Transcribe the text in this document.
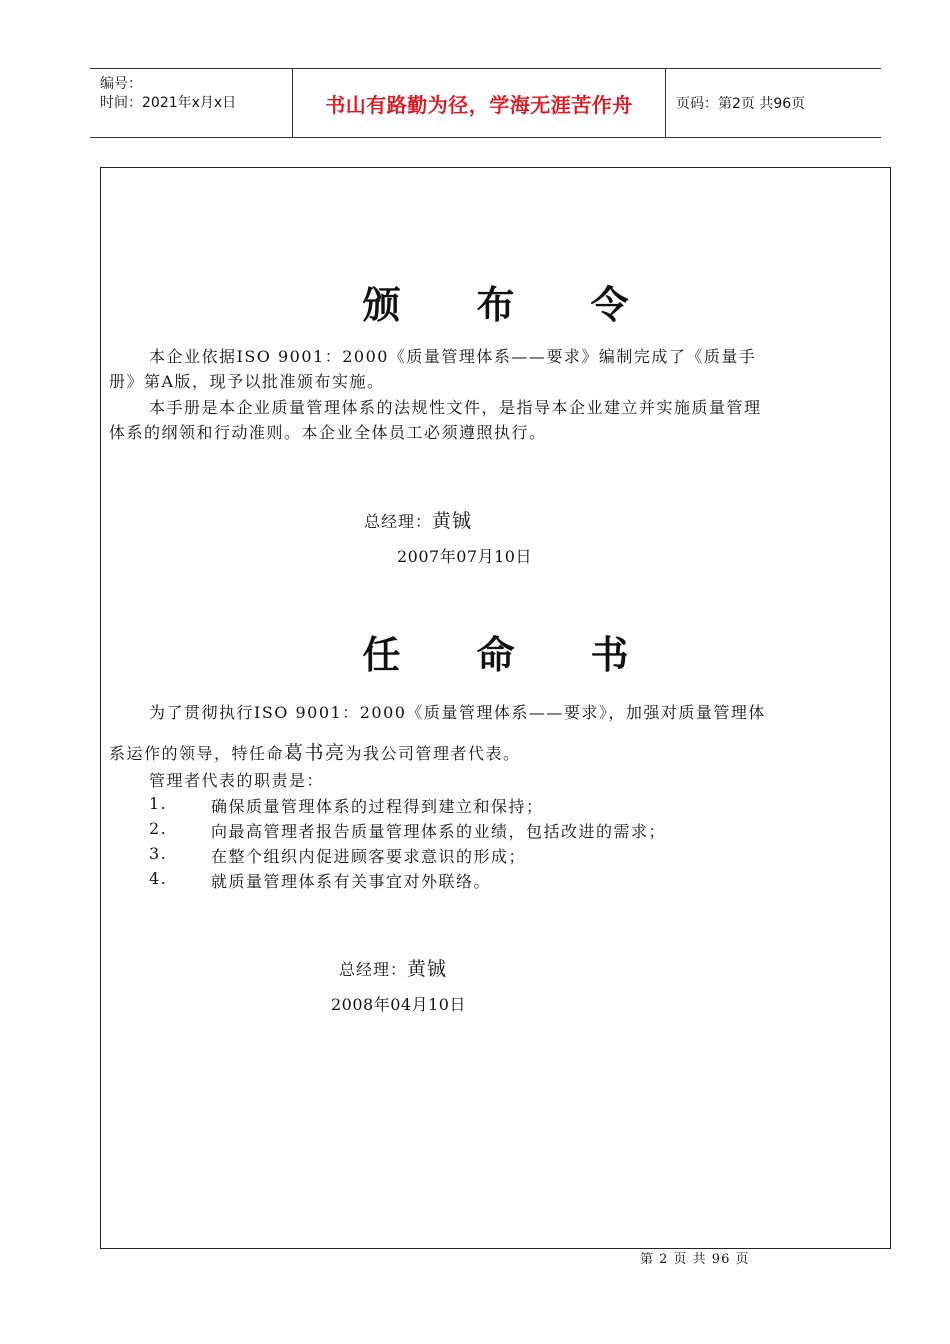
编号：
时间：2021年x月x日	书山有路勤为径，学海无涯苦作舟	页码：第2页 共96页
颁 布 令
本企业依据ISO 9001：2000《质量管理体系——要求》编制完成了《质量手
册》第A版，现予以批准颁布实施。
本手册是本企业质量管理体系的法规性文件，是指导本企业建立并实施质量管理
体系的纲领和行动准则。本企业全体员工必须遵照执行。
总经理：黄铖
2007年07月10日
任 命 书
为了贯彻执行ISO 9001：2000《质量管理体系——要求》，加强对质量管理体
系运作的领导，特任命葛书亮为我公司管理者代表。
管理者代表的职责是：
1.	确保质量管理体系的过程得到建立和保持；
2.	向最高管理者报告质量管理体系的业绩，包括改进的需求；
3.	在整个组织内促进顾客要求意识的形成；
4.	就质量管理体系有关事宜对外联络。
总经理：黄铖
2008年04月10日
第 2 页 共 96 页
